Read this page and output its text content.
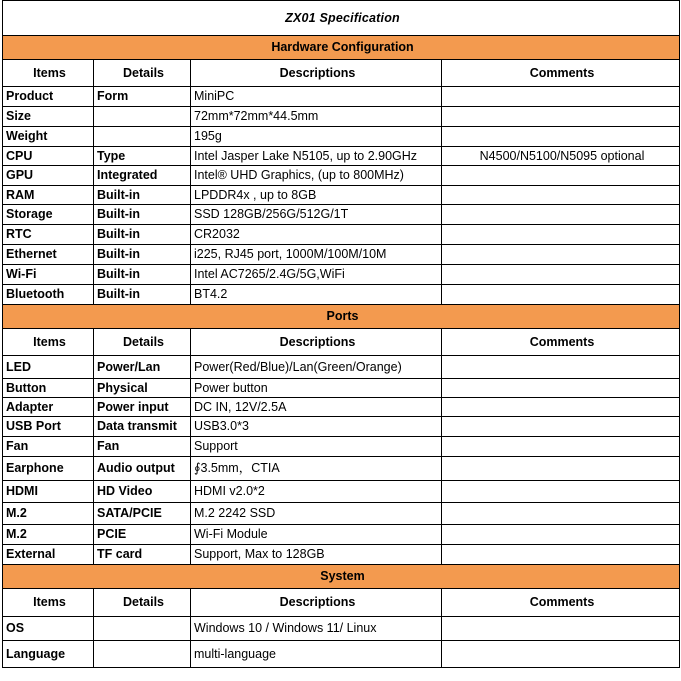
ZX01 Specification			
Hardware Configuration			
Items	Details	Descriptions	Comments
Product	Form	MiniPC	
Size		72mm*72mm*44.5mm	
Weight		195g	
CPU	Type	Intel Jasper Lake N5105, up to 2.90GHz	N4500/N5100/N5095 optional
GPU	Integrated	Intel® UHD Graphics, (up to 800MHz)	
RAM	Built-in	LPDDR4x , up to 8GB	
Storage	Built-in	SSD 128GB/256G/512G/1T	
RTC	Built-in	CR2032	
Ethernet	Built-in	i225, RJ45 port, 1000M/100M/10M	
Wi-Fi	Built-in	Intel AC7265/2.4G/5G,WiFi	
Bluetooth	Built-in	BT4.2	
Ports			
Items	Details	Descriptions	Comments
LED	Power/Lan	Power(Red/Blue)/Lan(Green/Orange)	
Button	Physical	Power button	
Adapter	Power input	DC IN, 12V/2.5A	
USB Port	Data transmit	USB3.0*3	
Fan	Fan	Support	
Earphone	Audio output	∮3.5mm，CTIA	
HDMI	HD Video	HDMI v2.0*2	
M.2	SATA/PCIE	M.2 2242 SSD	
M.2	PCIE	Wi-Fi Module	
External	TF card	Support, Max to 128GB	
System			
Items	Details	Descriptions	Comments
OS		Windows 10 / Windows 11/ Linux	
Language		multi-language	
